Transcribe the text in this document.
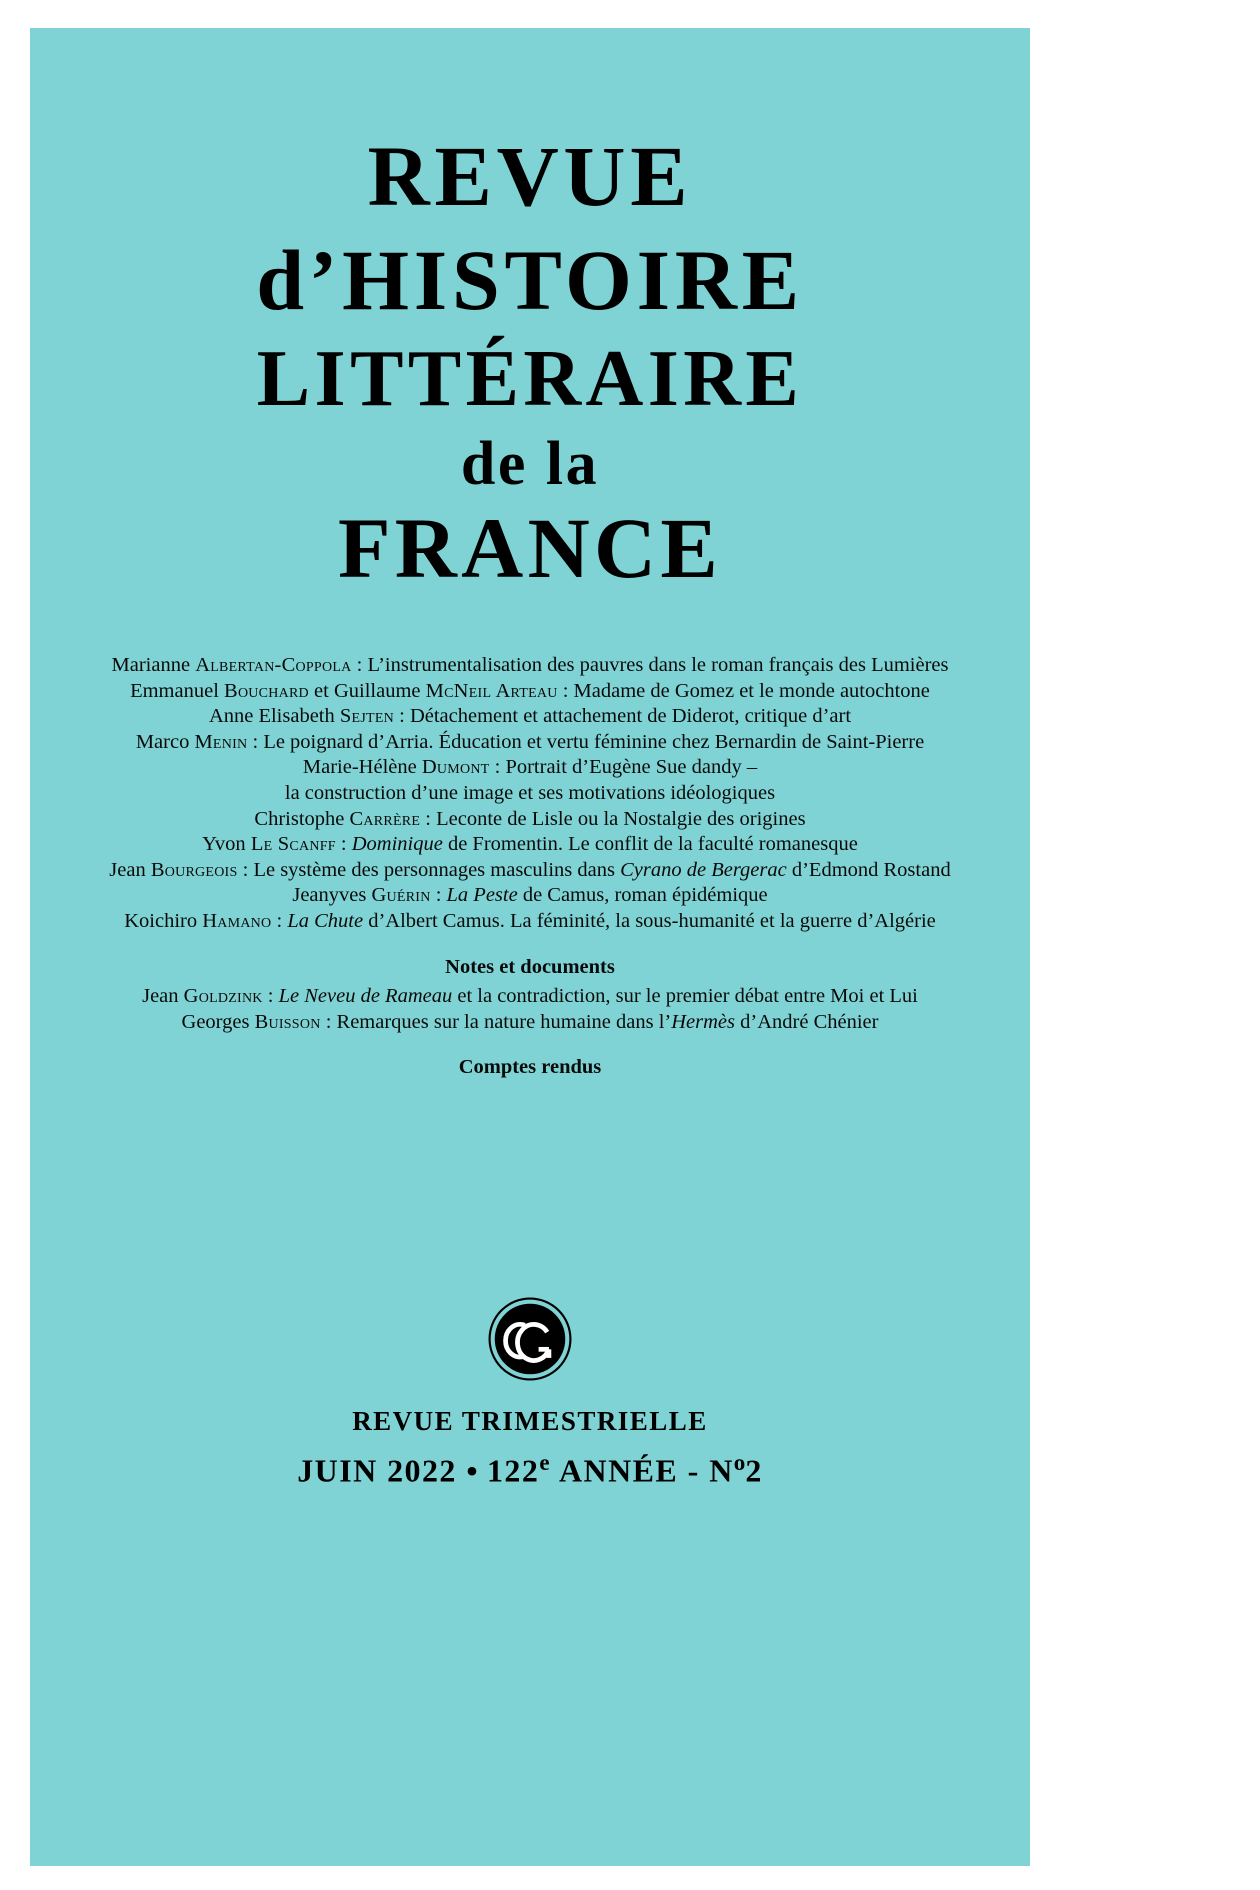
REVUE
d’HISTOIRE
LITTÉRAIRE
de la
FRANCE
Marianne Albertan-Coppola : L’instrumentalisation des pauvres dans le roman français des Lumières
Emmanuel Bouchard et Guillaume McNeil Arteau : Madame de Gomez et le monde autochtone
Anne Elisabeth Sejten : Détachement et attachement de Diderot, critique d’art
Marco Menin : Le poignard d’Arria. Éducation et vertu féminine chez Bernardin de Saint-Pierre
Marie-Hélène Dumont : Portrait d’Eugène Sue dandy –
la construction d’une image et ses motivations idéologiques
Christophe Carrère : Leconte de Lisle ou la Nostalgie des origines
Yvon Le Scanff : Dominique de Fromentin. Le conflit de la faculté romanesque
Jean Bourgeois : Le système des personnages masculins dans Cyrano de Bergerac d’Edmond Rostand
Jeanyves Guérin : La Peste de Camus, roman épidémique
Koichiro Hamano : La Chute d’Albert Camus. La féminité, la sous-humanité et la guerre d’Algérie
Notes et documents
Jean Goldzink : Le Neveu de Rameau et la contradiction, sur le premier débat entre Moi et Lui
Georges Buisson : Remarques sur la nature humaine dans l’Hermès d’André Chénier
Comptes rendus
REVUE TRIMESTRIELLE
JUIN 2022 • 122e ANNÉE - $N^o2$
